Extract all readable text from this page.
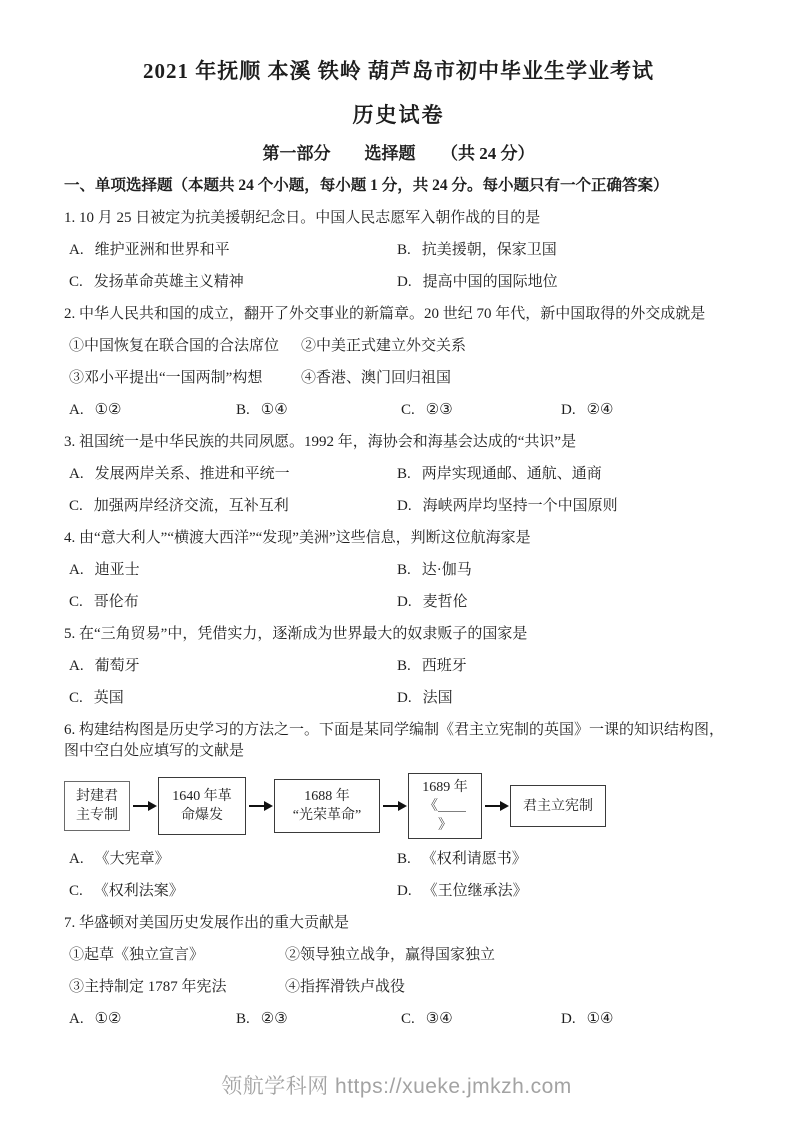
2021 年抚顺 本溪 铁岭 葫芦岛市初中毕业生学业考试
历史试卷
第一部分　　选择题　　（共 24 分）
一、单项选择题（本题共 24 个小题，每小题 1 分，共 24 分。每小题只有一个正确答案）

1. 10 月 25 日被定为抗美援朝纪念日。中国人民志愿军入朝作战的目的是

A. 维护亚洲和世界和平	B. 抗美援朝，保家卫国
C. 发扬革命英雄主义精神	D. 提高中国的国际地位

2. 中华人民共和国的成立，翻开了外交事业的新篇章。20 世纪 70 年代，新中国取得的外交成就是

①中国恢复在联合国的合法席位	②中美正式建立外交关系
③邓小平提出“一国两制”构想	④香港、澳门回归祖国
A. ①②	B. ①④	C. ②③	D. ②④

3. 祖国统一是中华民族的共同夙愿。1992 年，海协会和海基会达成的“共识”是

A. 发展两岸关系、推进和平统一	B. 两岸实现通邮、通航、通商
C. 加强两岸经济交流，互补互利	D. 海峡两岸均坚持一个中国原则

4. 由“意大利人”“横渡大西洋”“发现”美洲”这些信息，判断这位航海家是

A. 迪亚士	B. 达·伽马
C. 哥伦布	D. 麦哲伦

5. 在“三角贸易”中，凭借实力，逐渐成为世界最大的奴隶贩子的国家是

A. 葡萄牙	B. 西班牙
C. 英国	D. 法国

6. 构建结构图是历史学习的方法之一。下面是某同学编制《君主立宪制的英国》一课的知识结构图，图中空白处应填写的文献是

封建君
主专制
1640 年革
命爆发
1688 年
“光荣革命”
1689 年
《＿＿
》
君主立宪制
A. 《大宪章》	B. 《权利请愿书》
C. 《权利法案》	D. 《王位继承法》

7. 华盛顿对美国历史发展作出的重大贡献是

①起草《独立宣言》	②领导独立战争，赢得国家独立
③主持制定 1787 年宪法	④指挥滑铁卢战役
A. ①②	B. ②③	C. ③④	D. ①④
领航学科网 https://xueke.jmkzh.com
